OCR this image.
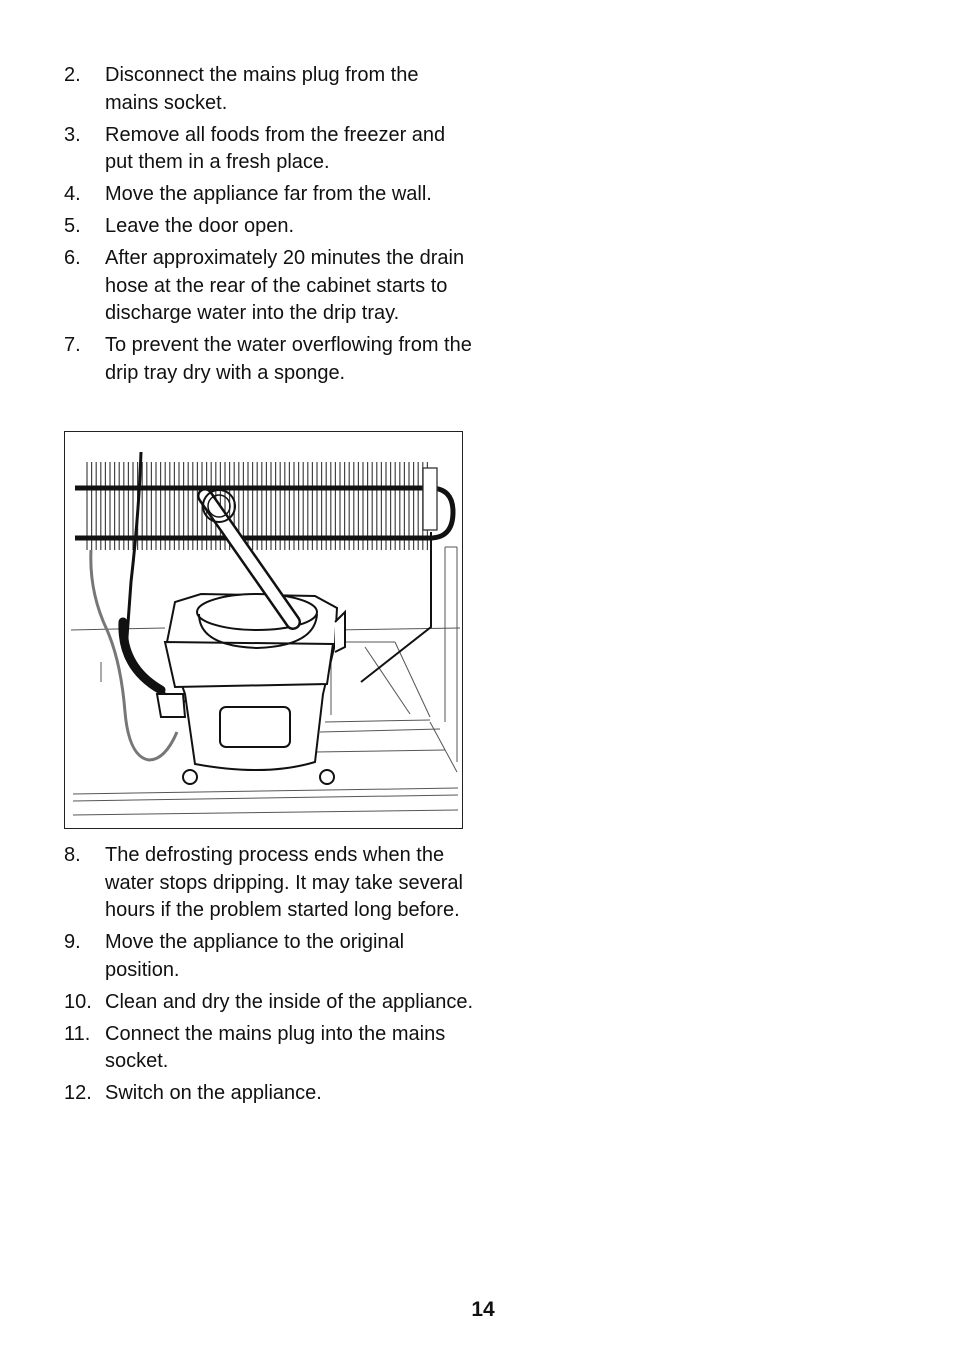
2.	Disconnect the mains plug from the mains socket.
3.	Remove all foods from the freezer and put them in a fresh place.
4.	Move the appliance far from the wall.
5.	Leave the door open.
6.	After approximately 20 minutes the drain hose at the rear of the cabinet starts to discharge water into the drip tray.
7.	To prevent the water overflowing from the drip tray dry with a sponge.
8.	The defrosting process ends when the water stops dripping. It may take several hours if the problem started long before.
9.	Move the appliance to the original position.
10. Clean and dry the inside of the appliance.
11. Connect the mains plug into the mains socket.
12. Switch on the appliance.
14
